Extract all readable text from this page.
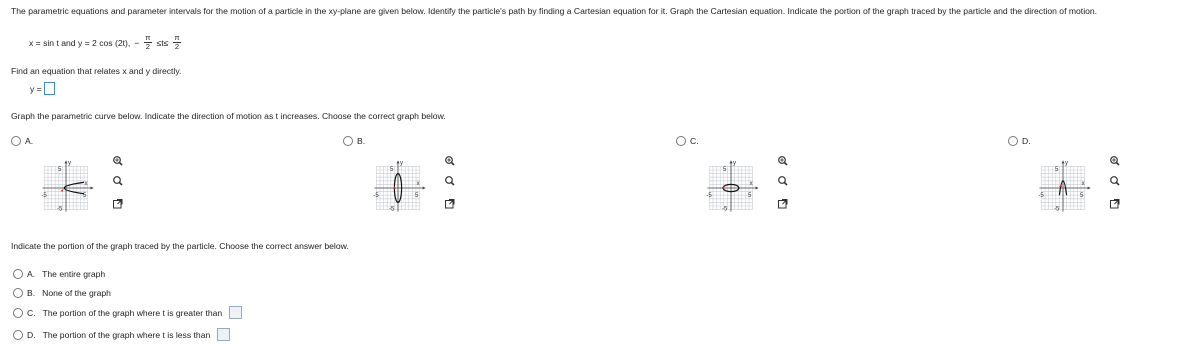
The parametric equations and parameter intervals for the motion of a particle in the xy-plane are given below. Identify the particle's path by finding a Cartesian equation for it. Graph the Cartesian equation. Indicate the portion of the graph traced by the particle and the direction of motion.
x = sin t and y = 2 cos (2t), − $\frac{\pi}{2} \le t\le \frac{\pi}{2}$
Find an equation that relates x and y directly.
y =
Graph the parametric curve below. Indicate the direction of motion as t increases. Choose the correct graph below.
A.
y
x
5
-5	5
-5
B.
y
x
5
-5	5
-5
C.
y
x
5
-5	5
-5
D.
y
x
5
-5	5
-5
Indicate the portion of the graph traced by the particle. Choose the correct answer below.
A. The entire graph
B. None of the graph
C. The portion of the graph where t is greater than
D. The portion of the graph where t is less than
